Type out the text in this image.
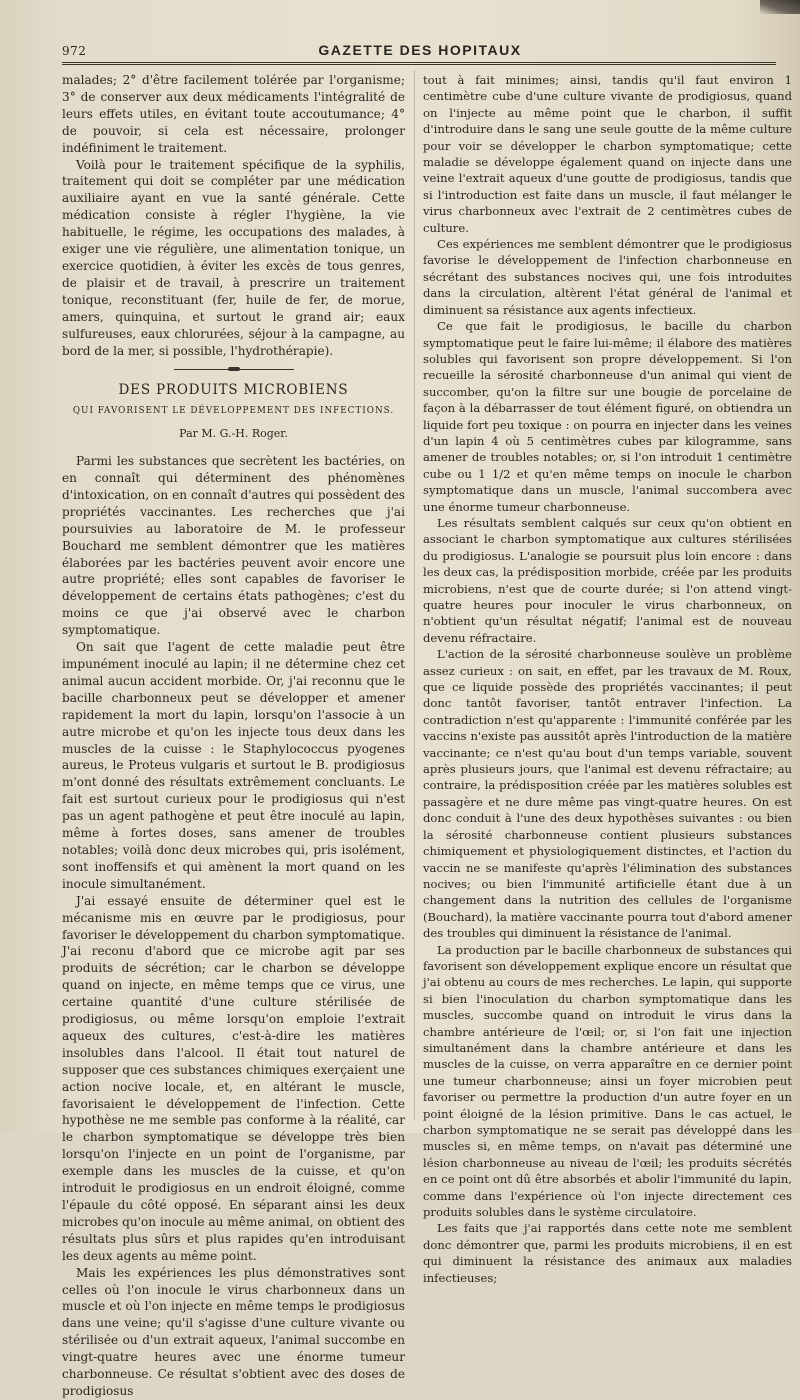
972	GAZETTE DES HOPITAUX

malades; 2° d'être facilement tolérée par l'organisme; 3° de conserver aux deux médicaments l'intégralité de leurs effets utiles, en évitant toute accoutumance; 4° de pouvoir, si cela est nécessaire, prolonger indéfiniment le traitement.

Voilà pour le traitement spécifique de la syphilis, traitement qui doit se compléter par une médication auxiliaire ayant en vue la santé générale. Cette médication consiste à régler l'hygiène, la vie habituelle, le régime, les occupations des malades, à exiger une vie régulière, une alimentation tonique, un exercice quotidien, à éviter les excès de tous genres, de plaisir et de travail, à prescrire un traitement tonique, reconstituant (fer, huile de fer, de morue, amers, quinquina, et surtout le grand air; eaux sulfureuses, eaux chlorurées, séjour à la campagne, au bord de la mer, si possible, l'hydrothérapie).

DES PRODUITS MICROBIENS
QUI FAVORISENT LE DÉVELOPPEMENT DES INFECTIONS.
Par M. G.-H. Roger.

Parmi les substances que secrètent les bactéries, on en connaît qui déterminent des phénomènes d'intoxication, on en connaît d'autres qui possèdent des propriétés vaccinantes. Les recherches que j'ai poursuivies au laboratoire de M. le professeur Bouchard me semblent démontrer que les matières élaborées par les bactéries peuvent avoir encore une autre propriété; elles sont capables de favoriser le développement de certains états pathogènes; c'est du moins ce que j'ai observé avec le charbon symptomatique.

On sait que l'agent de cette maladie peut être impunément inoculé au lapin; il ne détermine chez cet animal aucun accident morbide. Or, j'ai reconnu que le bacille charbonneux peut se développer et amener rapidement la mort du lapin, lorsqu'on l'associe à un autre microbe et qu'on les injecte tous deux dans les muscles de la cuisse : le Staphylococcus pyogenes aureus, le Proteus vulgaris et surtout le B. prodigiosus m'ont donné des résultats extrêmement concluants. Le fait est surtout curieux pour le prodigiosus qui n'est pas un agent pathogène et peut être inoculé au lapin, même à fortes doses, sans amener de troubles notables; voilà donc deux microbes qui, pris isolément, sont inoffensifs et qui amènent la mort quand on les inocule simultanément.

J'ai essayé ensuite de déterminer quel est le mécanisme mis en œuvre par le prodigiosus, pour favoriser le développement du charbon symptomatique. J'ai reconu d'abord que ce microbe agit par ses produits de sécrétion; car le charbon se développe quand on injecte, en même temps que ce virus, une certaine quantité d'une culture stérilisée de prodigiosus, ou même lorsqu'on emploie l'extrait aqueux des cultures, c'est-à-dire les matières insolubles dans l'alcool. Il était tout naturel de supposer que ces substances chimiques exerçaient une action nocive locale, et, en altérant le muscle, favorisaient le développement de l'infection. Cette hypothèse ne me semble pas conforme à la réalité, car le charbon symptomatique se développe très bien lorsqu'on l'injecte en un point de l'organisme, par exemple dans les muscles de la cuisse, et qu'on introduit le prodigiosus en un endroit éloigné, comme l'épaule du côté opposé. En séparant ainsi les deux microbes qu'on inocule au même animal, on obtient des résultats plus sûrs et plus rapides qu'en introduisant les deux agents au même point.

Mais les expériences les plus démonstratives sont celles où l'on inocule le virus charbonneux dans un muscle et où l'on injecte en même temps le prodigiosus dans une veine; qu'il s'agisse d'une culture vivante ou stérilisée ou d'un extrait aqueux, l'animal succombe en vingt-quatre heures avec une énorme tumeur charbonneuse. Ce résultat s'obtient avec des doses de prodigiosus

tout à fait minimes; ainsi, tandis qu'il faut environ 1 centimètre cube d'une culture vivante de prodigiosus, quand on l'injecte au même point que le charbon, il suffit d'introduire dans le sang une seule goutte de la même culture pour voir se développer le charbon symptomatique; cette maladie se développe également quand on injecte dans une veine l'extrait aqueux d'une goutte de prodigiosus, tandis que si l'introduction est faite dans un muscle, il faut mélanger le virus charbonneux avec l'extrait de 2 centimètres cubes de culture.

Ces expériences me semblent démontrer que le prodigiosus favorise le développement de l'infection charbonneuse en sécrétant des substances nocives qui, une fois introduites dans la circulation, altèrent l'état général de l'animal et diminuent sa résistance aux agents infectieux.

Ce que fait le prodigiosus, le bacille du charbon symptomatique peut le faire lui-même; il élabore des matières solubles qui favorisent son propre développement. Si l'on recueille la sérosité charbonneuse d'un animal qui vient de succomber, qu'on la filtre sur une bougie de porcelaine de façon à la débarrasser de tout élément figuré, on obtiendra un liquide fort peu toxique : on pourra en injecter dans les veines d'un lapin 4 où 5 centimètres cubes par kilogramme, sans amener de troubles notables; or, si l'on introduit 1 centimètre cube ou 1 1/2 et qu'en même temps on inocule le charbon symptomatique dans un muscle, l'animal succombera avec une énorme tumeur charbonneuse.

Les résultats semblent calqués sur ceux qu'on obtient en associant le charbon symptomatique aux cultures stérilisées du prodigiosus. L'analogie se poursuit plus loin encore : dans les deux cas, la prédisposition morbide, créée par les produits microbiens, n'est que de courte durée; si l'on attend vingt-quatre heures pour inoculer le virus charbonneux, on n'obtient qu'un résultat négatif; l'animal est de nouveau devenu réfractaire.

L'action de la sérosité charbonneuse soulève un problème assez curieux : on sait, en effet, par les travaux de M. Roux, que ce liquide possède des propriétés vaccinantes; il peut donc tantôt favoriser, tantôt entraver l'infection. La contradiction n'est qu'apparente : l'immunité conférée par les vaccins n'existe pas aussitôt après l'introduction de la matière vaccinante; ce n'est qu'au bout d'un temps variable, souvent après plusieurs jours, que l'animal est devenu réfractaire; au contraire, la prédisposition créée par les matières solubles est passagère et ne dure même pas vingt-quatre heures. On est donc conduit à l'une des deux hypothèses suivantes : ou bien la sérosité charbonneuse contient plusieurs substances chimiquement et physiologiquement distinctes, et l'action du vaccin ne se manifeste qu'après l'élimination des substances nocives; ou bien l'immunité artificielle étant due à un changement dans la nutrition des cellules de l'organisme (Bouchard), la matière vaccinante pourra tout d'abord amener des troubles qui diminuent la résistance de l'animal.

La production par le bacille charbonneux de substances qui favorisent son développement explique encore un résultat que j'ai obtenu au cours de mes recherches. Le lapin, qui supporte si bien l'inoculation du charbon symptomatique dans les muscles, succombe quand on introduit le virus dans la chambre antérieure de l'œil; or, si l'on fait une injection simultanément dans la chambre antérieure et dans les muscles de la cuisse, on verra apparaître en ce dernier point une tumeur charbonneuse; ainsi un foyer microbien peut favoriser ou permettre la production d'un autre foyer en un point éloigné de la lésion primitive. Dans le cas actuel, le charbon symptomatique ne se serait pas développé dans les muscles si, en même temps, on n'avait pas déterminé une lésion charbonneuse au niveau de l'œil; les produits sécrétés en ce point ont dû être absorbés et abolir l'immunité du lapin, comme dans l'expérience où l'on injecte directement ces produits solubles dans le système circulatoire.

Les faits que j'ai rapportés dans cette note me semblent donc démontrer que, parmi les produits microbiens, il en est qui diminuent la résistance des animaux aux maladies infectieuses;
